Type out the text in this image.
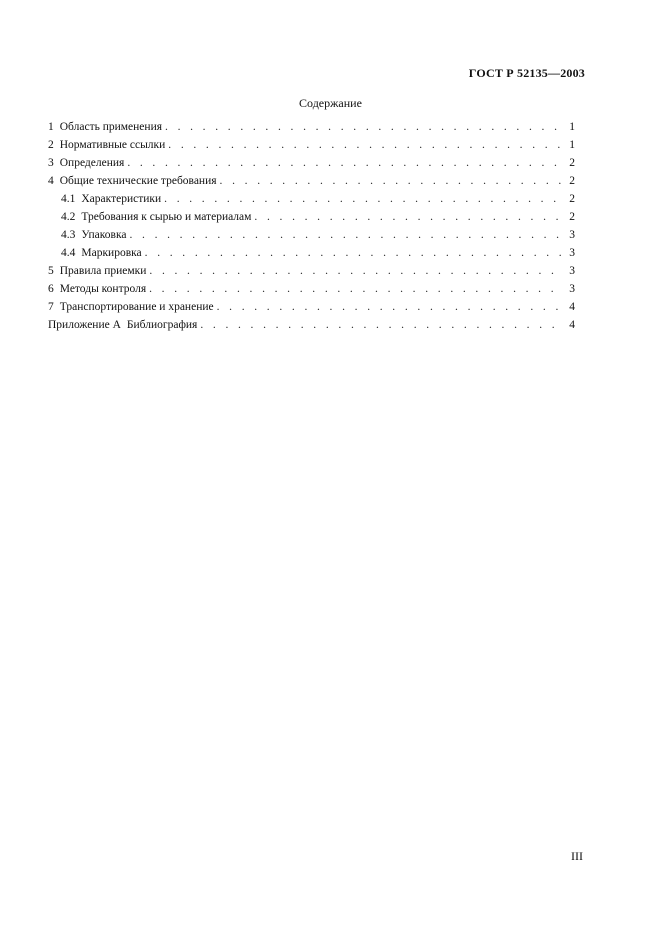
ГОСТ Р 52135—2003
Содержание
1 Область применения . . .	1
2 Нормативные ссылки . . .	1
3 Определения . . .	2
4 Общие технические требования . . .	2
4.1 Характеристики . . .	2
4.2 Требования к сырью и материалам . . .	2
4.3 Упаковка . . .	3
4.4 Маркировка . . .	3
5 Правила приемки . . .	3
6 Методы контроля . . .	3
7 Транспортирование и хранение . . .	4
Приложение А Библиография . . .	4
III
